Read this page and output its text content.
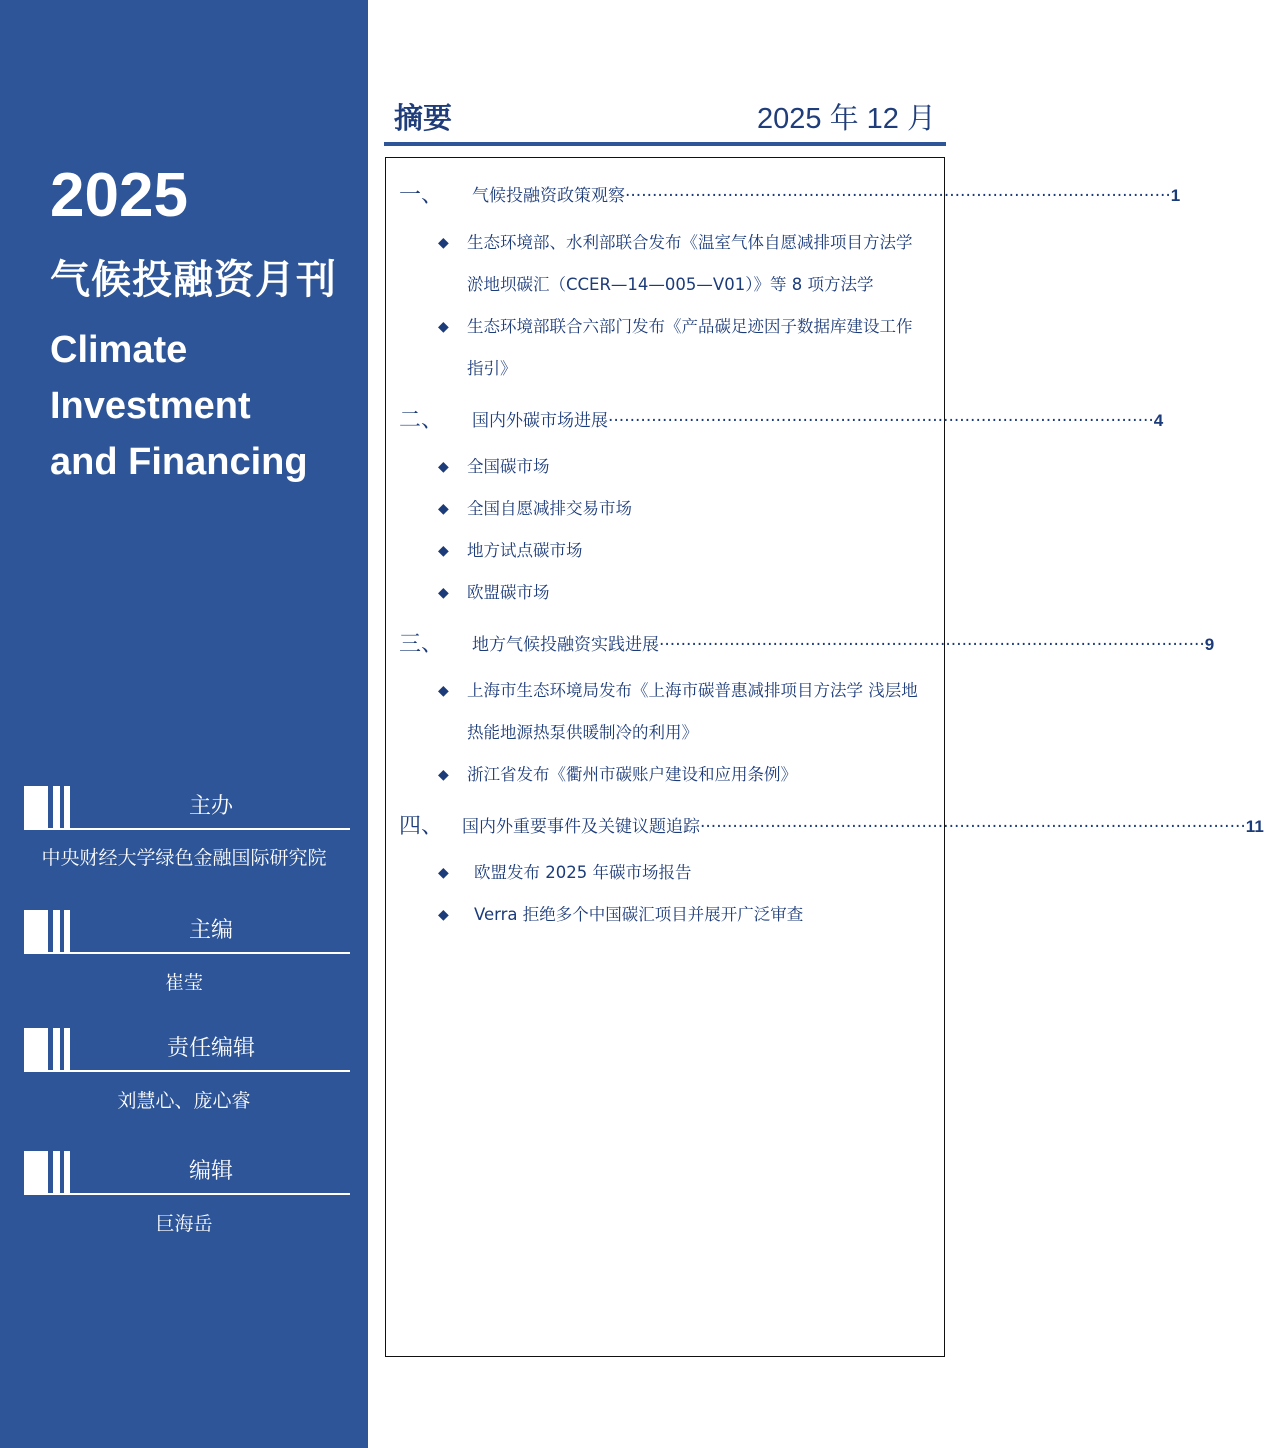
2025
气候投融资月刊
Climate
Investment
and Financing
主办
中央财经大学绿色金融国际研究院
主编
崔莹
责任编辑
刘慧心、庞心睿
编辑
巨海岳
摘要	2025 年 12 月
一、 气候投融资政策观察 ····································································································· 1
◆ 生态环境部、水利部联合发布《温室气体自愿减排项目方法学
淤地坝碳汇（CCER—14—005—V01）》等 8 项方法学
◆ 生态环境部联合六部门发布《产品碳足迹因子数据库建设工作
指引》
二、 国内外碳市场进展 ····································································································· 4
◆ 全国碳市场
◆ 全国自愿减排交易市场
◆ 地方试点碳市场
◆ 欧盟碳市场
三、 地方气候投融资实践进展 ····································································································· 9
◆ 上海市生态环境局发布《上海市碳普惠减排项目方法学 浅层地
热能地源热泵供暖制冷的利用》
◆ 浙江省发布《衢州市碳账户建设和应用条例》
四、 国内外重要事件及关键议题追踪 ····································································································· 11
◆ 欧盟发布 2025 年碳市场报告
◆ Verra 拒绝多个中国碳汇项目并展开广泛审查
